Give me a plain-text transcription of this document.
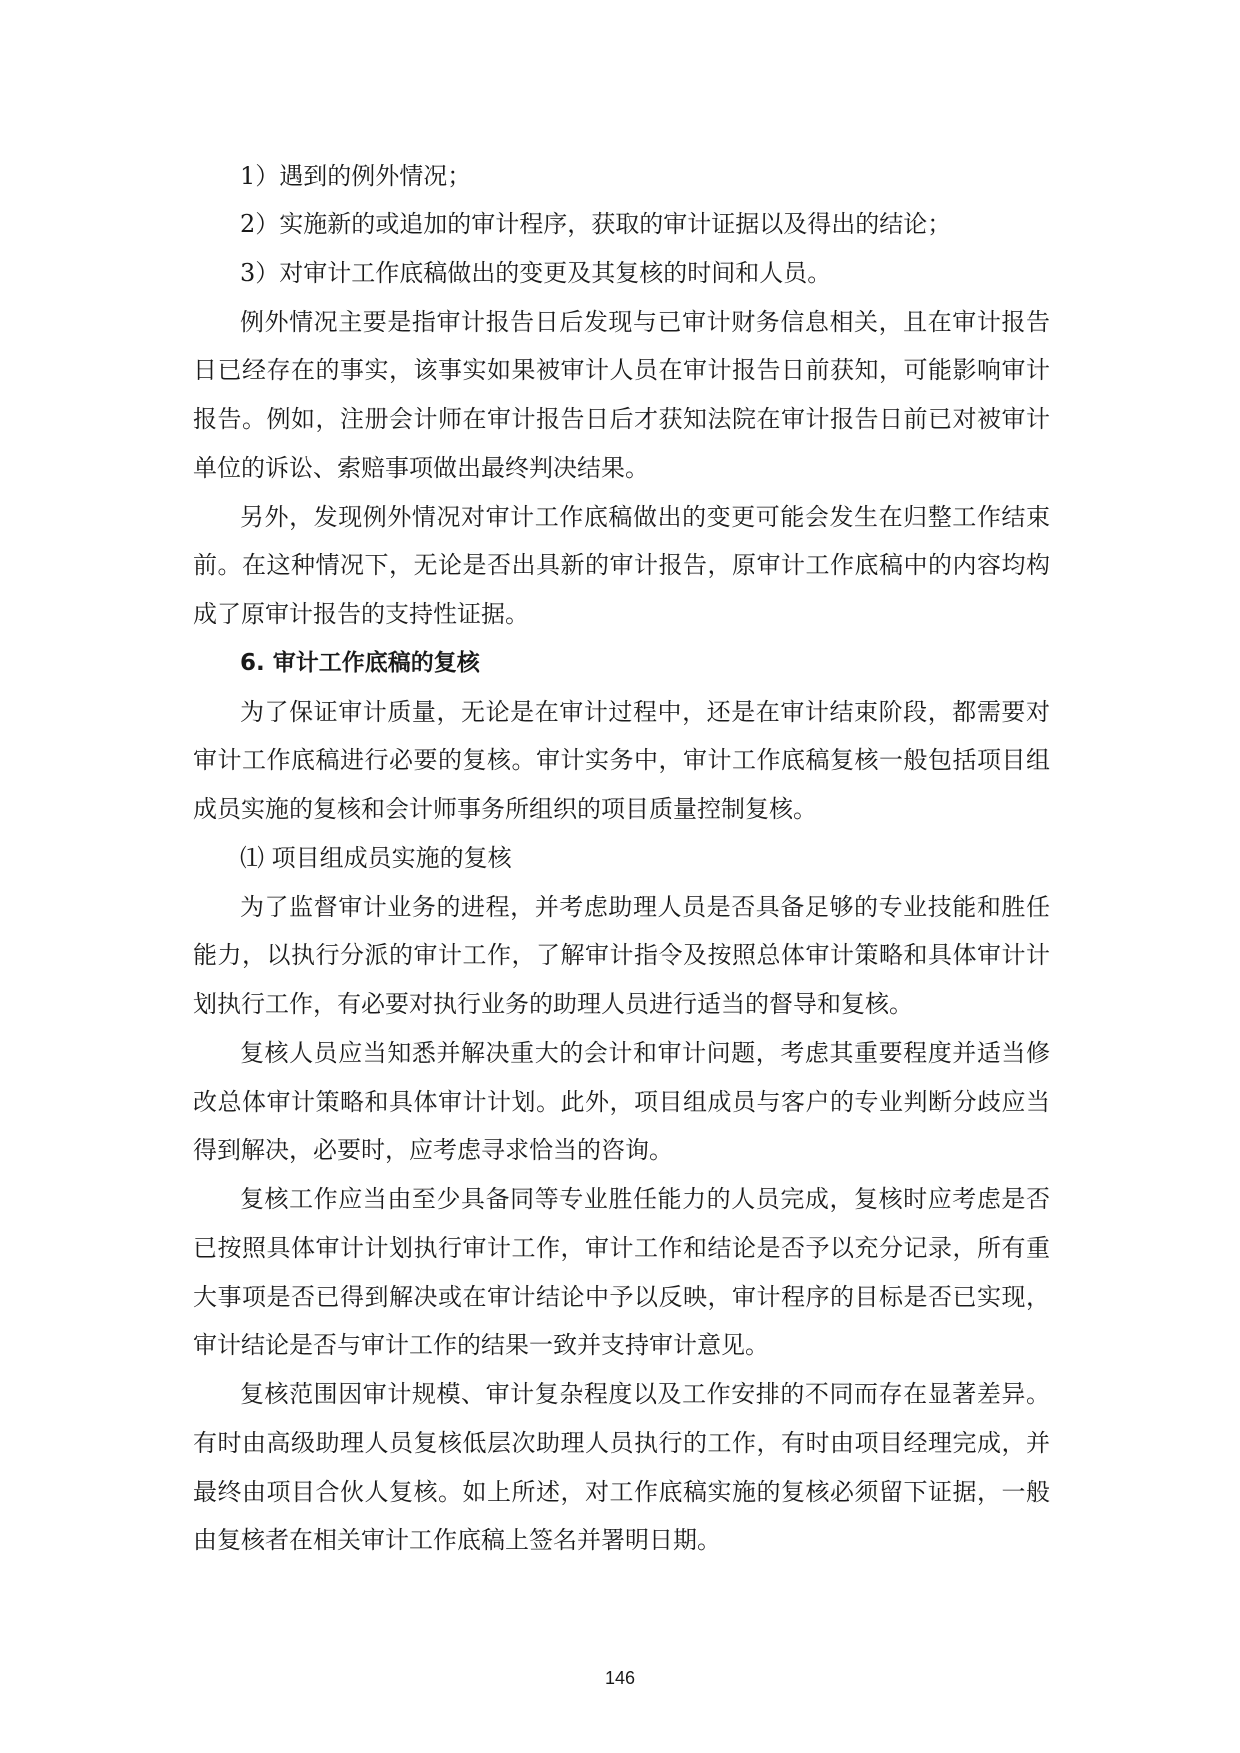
1）遇到的例外情况；
2）实施新的或追加的审计程序，获取的审计证据以及得出的结论；
3）对审计工作底稿做出的变更及其复核的时间和人员。
例外情况主要是指审计报告日后发现与已审计财务信息相关，且在审计报告
日已经存在的事实，该事实如果被审计人员在审计报告日前获知，可能影响审计
报告。例如，注册会计师在审计报告日后才获知法院在审计报告日前已对被审计
单位的诉讼、索赔事项做出最终判决结果。
另外，发现例外情况对审计工作底稿做出的变更可能会发生在归整工作结束
前。在这种情况下，无论是否出具新的审计报告，原审计工作底稿中的内容均构
成了原审计报告的支持性证据。
6. 审计工作底稿的复核
为了保证审计质量，无论是在审计过程中，还是在审计结束阶段，都需要对
审计工作底稿进行必要的复核。审计实务中，审计工作底稿复核一般包括项目组
成员实施的复核和会计师事务所组织的项目质量控制复核。
⑴ 项目组成员实施的复核
为了监督审计业务的进程，并考虑助理人员是否具备足够的专业技能和胜任
能力，以执行分派的审计工作，了解审计指令及按照总体审计策略和具体审计计
划执行工作，有必要对执行业务的助理人员进行适当的督导和复核。
复核人员应当知悉并解决重大的会计和审计问题，考虑其重要程度并适当修
改总体审计策略和具体审计计划。此外，项目组成员与客户的专业判断分歧应当
得到解决，必要时，应考虑寻求恰当的咨询。
复核工作应当由至少具备同等专业胜任能力的人员完成，复核时应考虑是否
已按照具体审计计划执行审计工作，审计工作和结论是否予以充分记录，所有重
大事项是否已得到解决或在审计结论中予以反映，审计程序的目标是否已实现，
审计结论是否与审计工作的结果一致并支持审计意见。
复核范围因审计规模、审计复杂程度以及工作安排的不同而存在显著差异。
有时由高级助理人员复核低层次助理人员执行的工作，有时由项目经理完成，并
最终由项目合伙人复核。如上所述，对工作底稿实施的复核必须留下证据，一般
由复核者在相关审计工作底稿上签名并署明日期。
146
